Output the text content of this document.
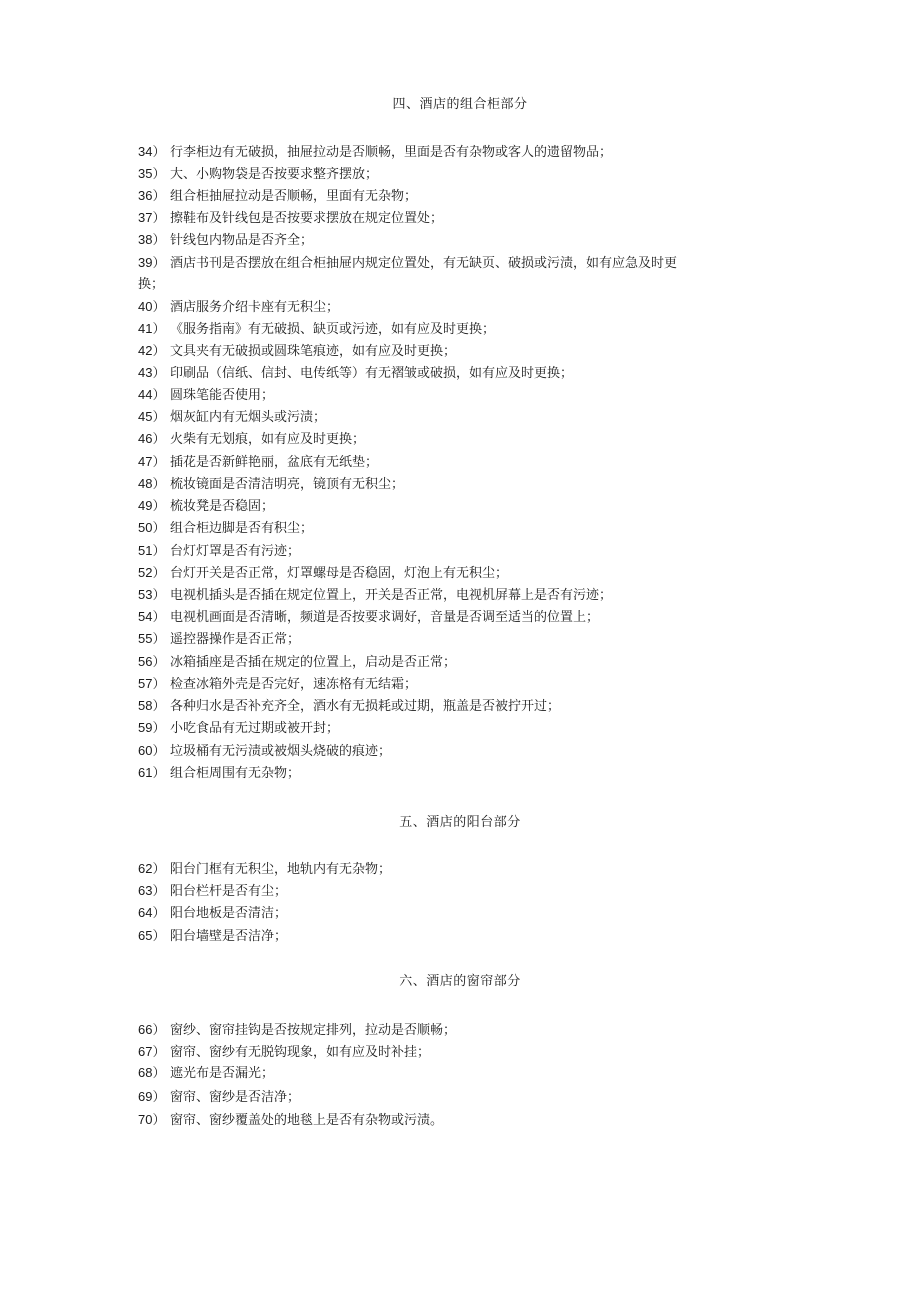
四、酒店的组合柜部分
34） 行李柜边有无破损，抽屉拉动是否顺畅，里面是否有杂物或客人的遗留物品；
35） 大、小购物袋是否按要求整齐摆放；
36） 组合柜抽屉拉动是否顺畅，里面有无杂物；
37） 擦鞋布及针线包是否按要求摆放在规定位置处；
38） 针线包内物品是否齐全；
39） 酒店书刊是否摆放在组合柜抽屉内规定位置处，有无缺页、破损或污渍，如有应急及时更
换；
40） 酒店服务介绍卡座有无积尘；
41） 《服务指南》有无破损、缺页或污迹，如有应及时更换；
42） 文具夹有无破损或圆珠笔痕迹，如有应及时更换；
43） 印刷品（信纸、信封、电传纸等）有无褶皱或破损，如有应及时更换；
44） 圆珠笔能否使用；
45） 烟灰缸内有无烟头或污渍；
46） 火柴有无划痕，如有应及时更换；
47） 插花是否新鲜艳丽，盆底有无纸垫；
48） 梳妆镜面是否清洁明亮，镜顶有无积尘；
49） 梳妆凳是否稳固；
50） 组合柜边脚是否有积尘；
51） 台灯灯罩是否有污迹；
52） 台灯开关是否正常，灯罩螺母是否稳固，灯泡上有无积尘；
53） 电视机插头是否插在规定位置上，开关是否正常，电视机屏幕上是否有污迹；
54） 电视机画面是否清晰，频道是否按要求调好，音量是否调至适当的位置上；
55） 遥控器操作是否正常；
56） 冰箱插座是否插在规定的位置上，启动是否正常；
57） 检查冰箱外壳是否完好，速冻格有无结霜；
58） 各种归水是否补充齐全，酒水有无损耗或过期，瓶盖是否被拧开过；
59） 小吃食品有无过期或被开封；
60） 垃圾桶有无污渍或被烟头烧破的痕迹；
61） 组合柜周围有无杂物；
五、酒店的阳台部分
62） 阳台门框有无积尘，地轨内有无杂物；
63） 阳台栏杆是否有尘；
64） 阳台地板是否清洁；
65） 阳台墙壁是否洁净；
六、酒店的窗帘部分
66） 窗纱、窗帘挂钩是否按规定排列，拉动是否顺畅；
67） 窗帘、窗纱有无脱钩现象，如有应及时补挂；
68） 遮光布是否漏光；
69） 窗帘、窗纱是否洁净；
70） 窗帘、窗纱覆盖处的地毯上是否有杂物或污渍。
